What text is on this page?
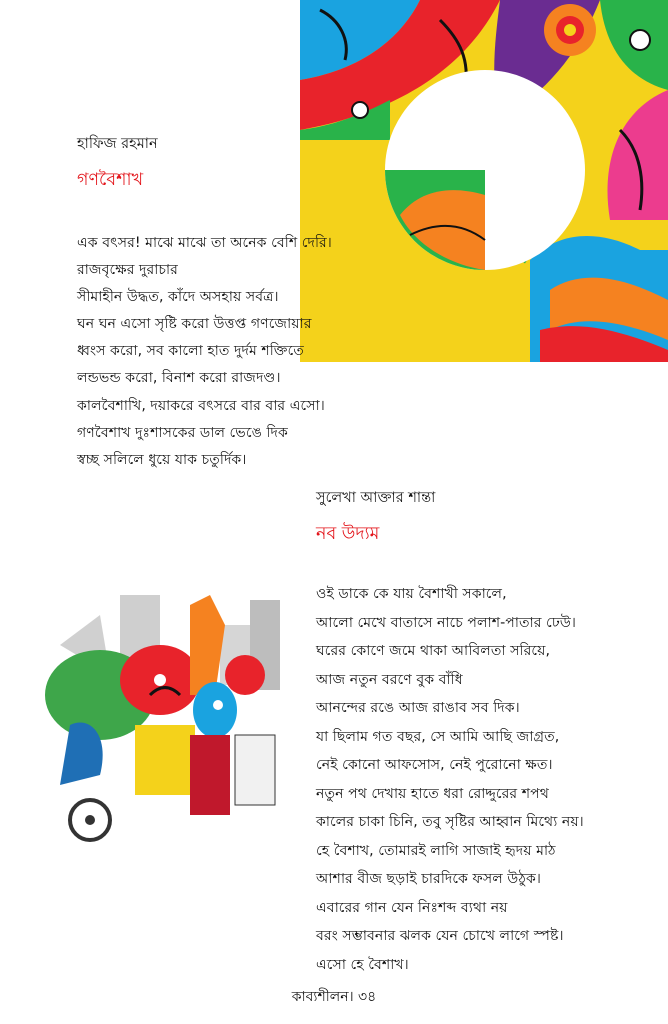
হাফিজ রহমান
গণবৈশাখ
এক বৎসর! মাঝে মাঝে তা অনেক বেশি দেরি।
রাজবৃক্ষের দুরাচার
সীমাহীন উদ্ধত, কাঁদে অসহায় সর্বত্র।
ঘন ঘন এসো সৃষ্টি করো উত্তপ্ত গণজোয়ার
ধ্বংস করো, সব কালো হাত দুর্দম শক্তিতে
লন্ডভন্ড করো, বিনাশ করো রাজদণ্ড।
কালবৈশাখি, দয়াকরে বৎসরে বার বার এসো।
গণবৈশাখ দুঃশাসকের ডাল ভেঙে দিক
স্বচ্ছ সলিলে ধুয়ে যাক চতুর্দিক।
সুলেখা আক্তার শান্তা
নব উদ্যম
ওই ডাকে কে যায় বৈশাখী সকালে,
আলো মেখে বাতাসে নাচে পলাশ-পাতার ঢেউ।
ঘরের কোণে জমে থাকা আবিলতা সরিয়ে,
আজ নতুন বরণে বুক বাঁধি
আনন্দের রঙে আজ রাঙাব সব দিক।
যা ছিলাম গত বছর, সে আমি আছি জাগ্রত,
নেই কোনো আফসোস, নেই পুরোনো ক্ষত।
নতুন পথ দেখায় হাতে ধরা রোদ্দুরের শপথ
কালের চাকা চিনি, তবু সৃষ্টির আহ্বান মিথ্যে নয়।
হে বৈশাখ, তোমারই লাগি সাজাই হৃদয় মাঠ
আশার বীজ ছড়াই চারদিকে ফসল উঠুক।
এবারের গান যেন নিঃশব্দ ব্যথা নয়
বরং সম্ভাবনার ঝলক যেন চোখে লাগে স্পষ্ট।
এসো হে বৈশাখ।
কাব্যশীলন। ৩৪
